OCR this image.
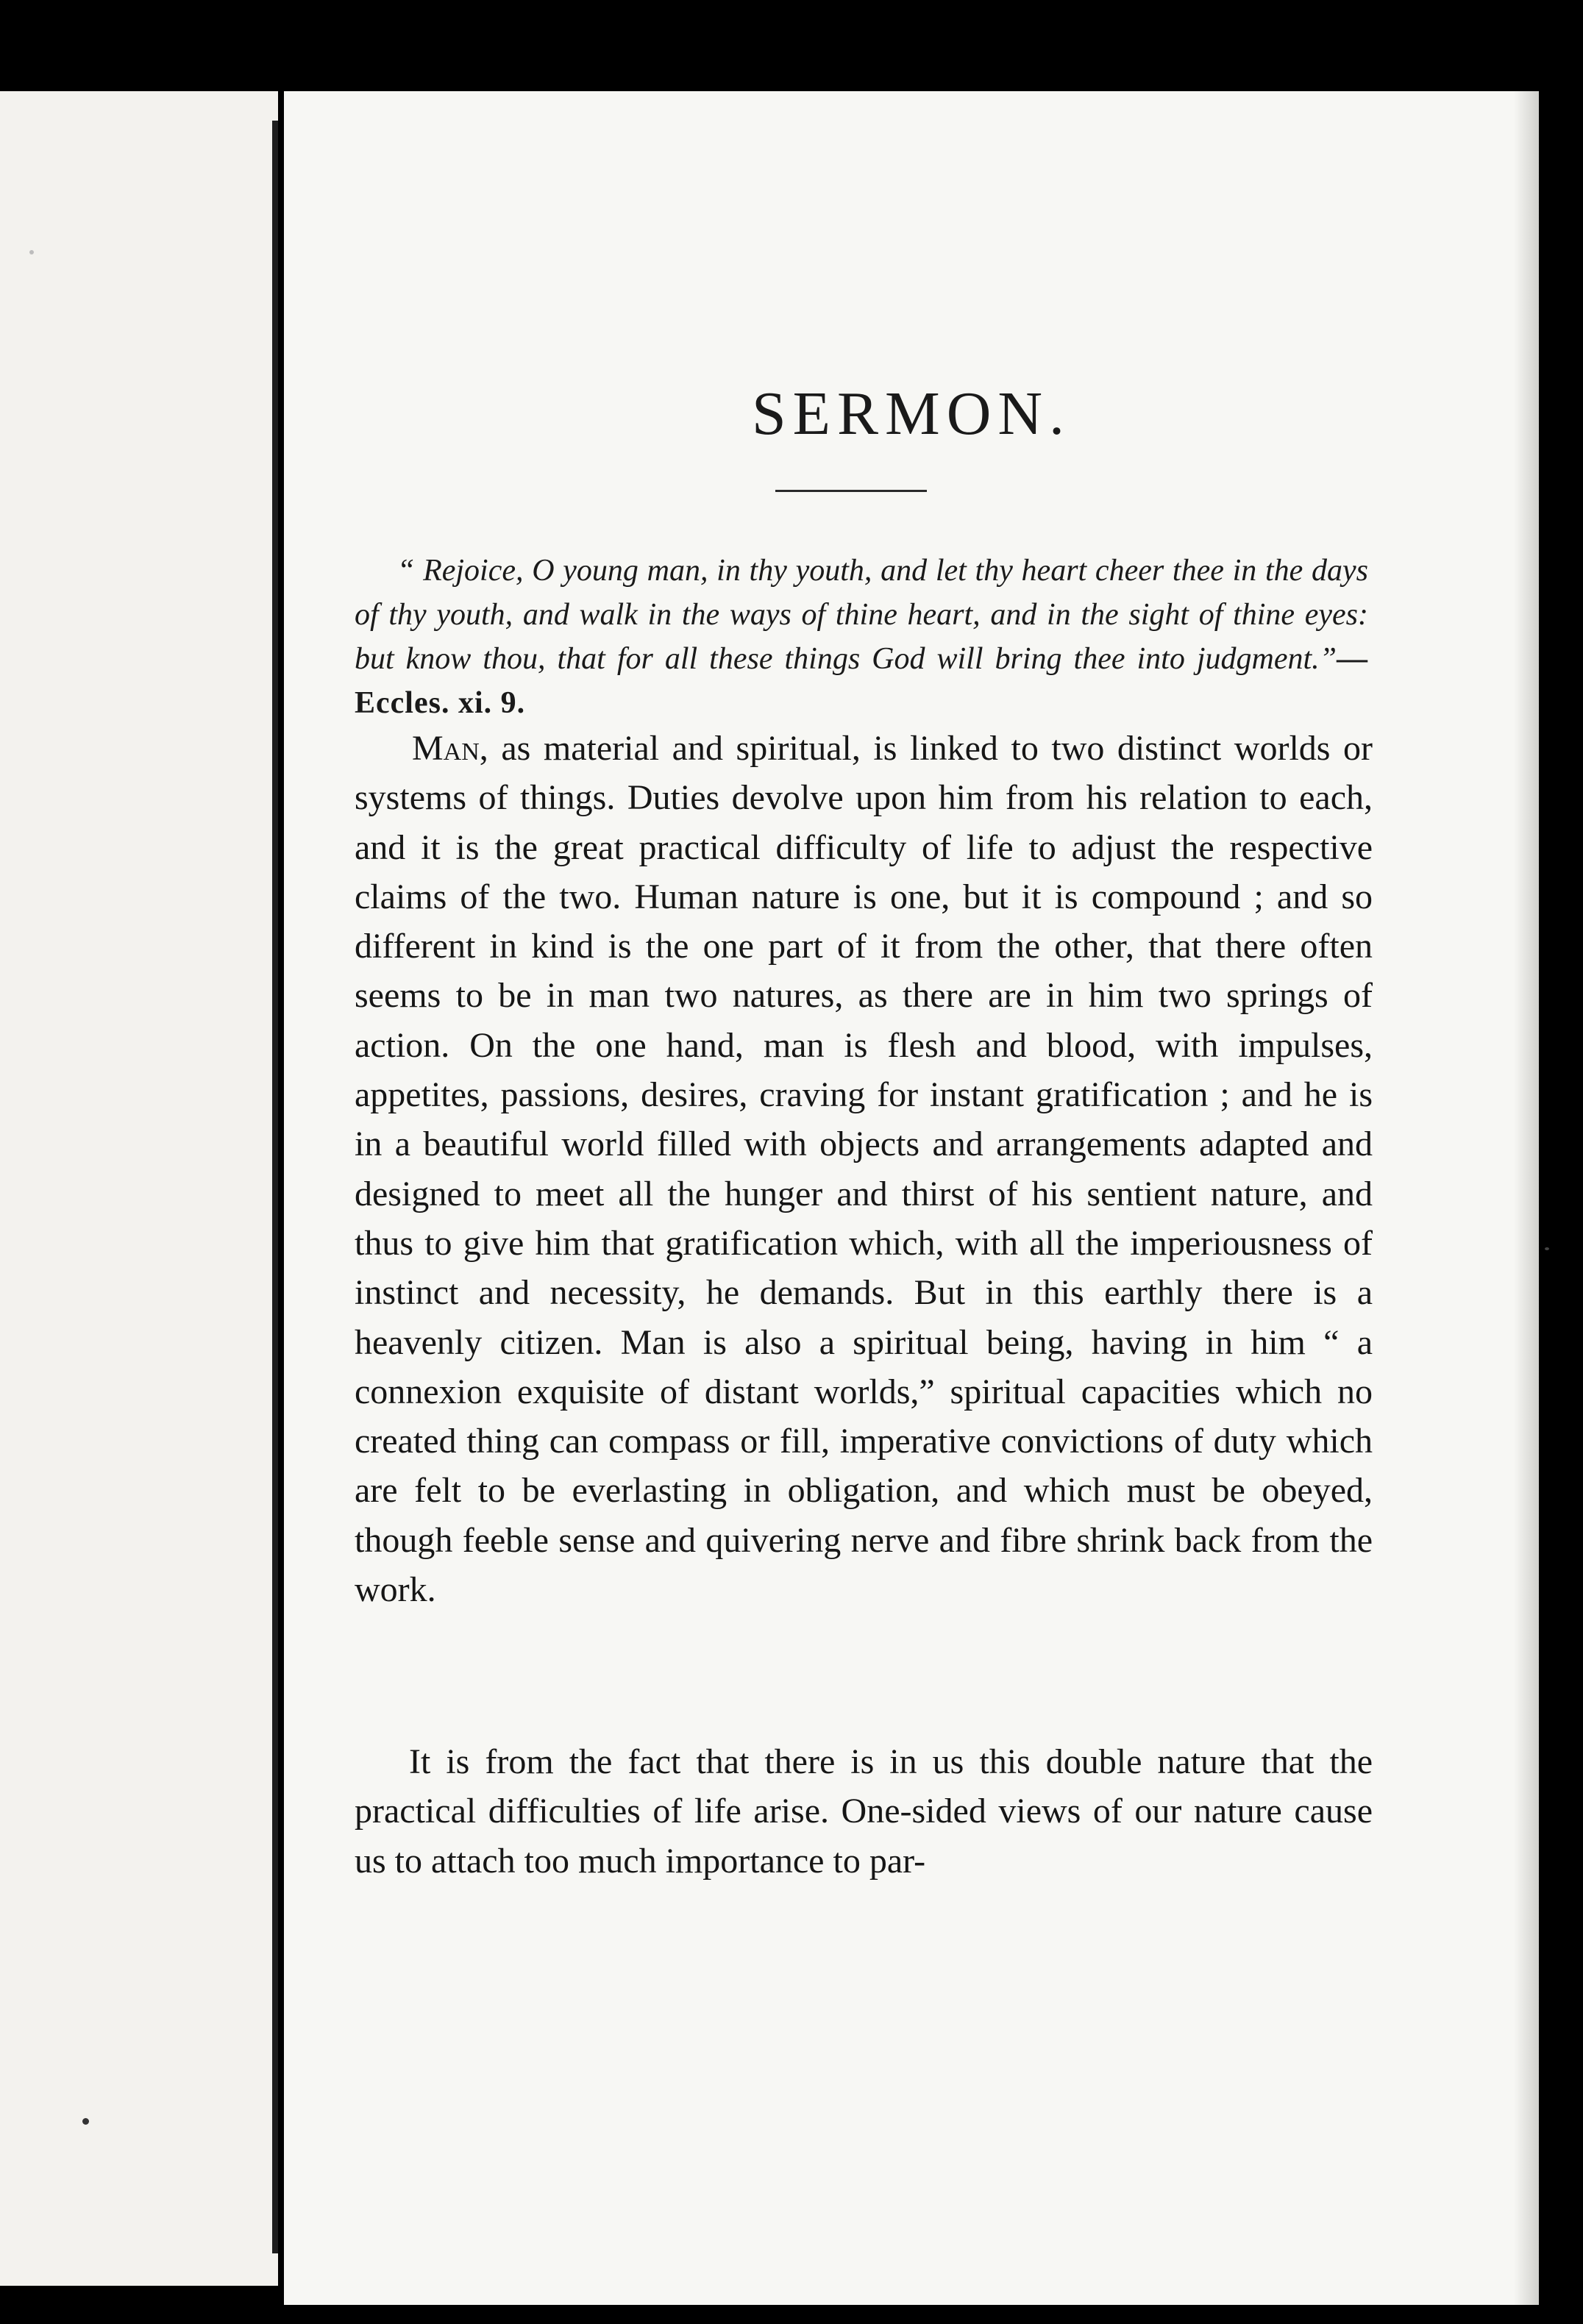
SERMON.

“ Rejoice, O young man, in thy youth, and let thy heart cheer thee in the days of thy youth, and walk in the ways of thine heart, and in the sight of thine eyes: but know thou, that for all these things God will bring thee into judgment.”—Eccles. xi. 9.

Man, as material and spiritual, is linked to two distinct worlds or systems of things. Duties devolve upon him from his relation to each, and it is the great practical difficulty of life to adjust the respective claims of the two. Human nature is one, but it is compound ; and so different in kind is the one part of it from the other, that there often seems to be in man two natures, as there are in him two springs of action. On the one hand, man is flesh and blood, with impulses, appetites, passions, desires, craving for instant gratification ; and he is in a beautiful world filled with objects and arrangements adapted and designed to meet all the hunger and thirst of his sentient nature, and thus to give him that gratification which, with all the imperiousness of instinct and necessity, he demands. But in this earthly there is a heavenly citizen. Man is also a spiritual being, having in him “ a connexion exquisite of distant worlds,” spiritual capacities which no created thing can compass or fill, imperative convictions of duty which are felt to be everlasting in obligation, and which must be obeyed, though feeble sense and quivering nerve and fibre shrink back from the work.

It is from the fact that there is in us this double nature that the practical difficulties of life arise. One-sided views of our nature cause us to attach too much importance to par-
